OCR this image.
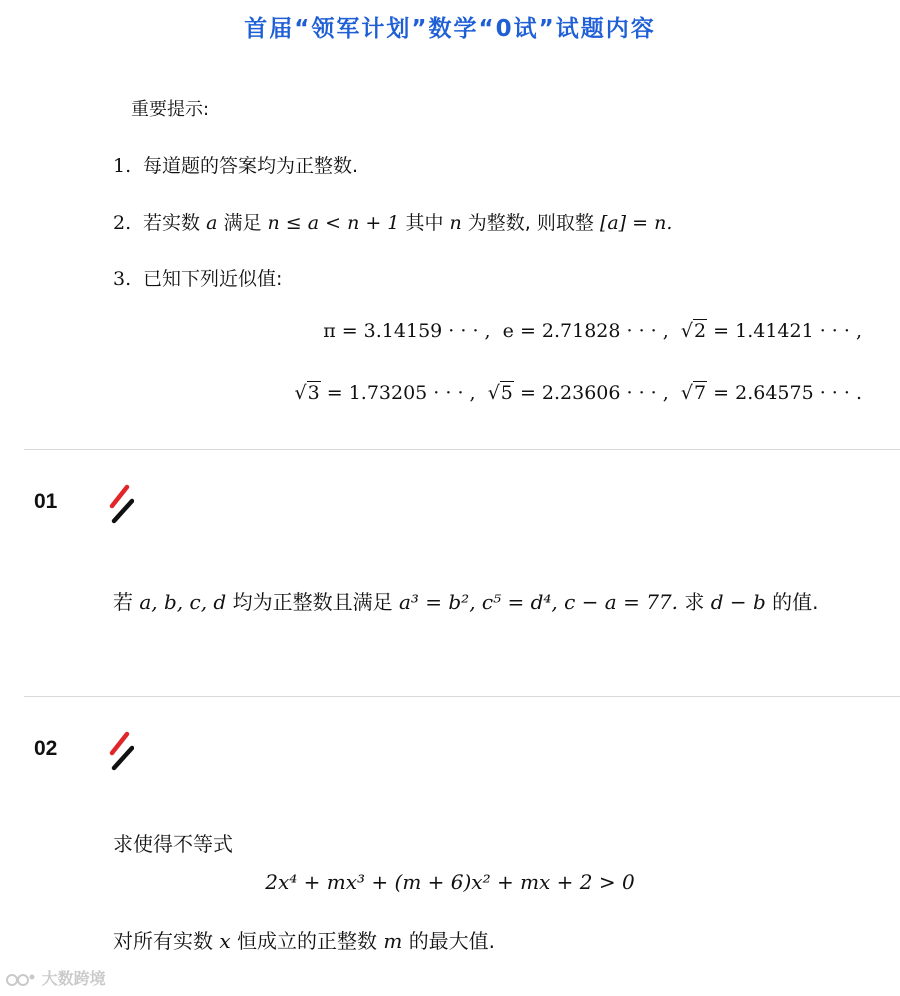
首届“领军计划”数学“0试”试题内容
重要提示:
1. 每道题的答案均为正整数.
2. 若实数 a 满足 n ≤ a < n + 1 其中 n 为整数, 则取整 [a] = n.
3. 已知下列近似值:
π = 3.14159 · · · , e = 2.71828 · · · , √2 = 1.41421 · · · ,
√3 = 1.73205 · · · , √5 = 2.23606 · · · , √7 = 2.64575 · · · .
01
若 a, b, c, d 均为正整数且满足 a³ = b², c⁵ = d⁴, c − a = 77. 求 d − b 的值.
02
求使得不等式
2x⁴ + mx³ + (m + 6)x² + mx + 2 > 0
对所有实数 x 恒成立的正整数 m 的最大值.
大数跨境
